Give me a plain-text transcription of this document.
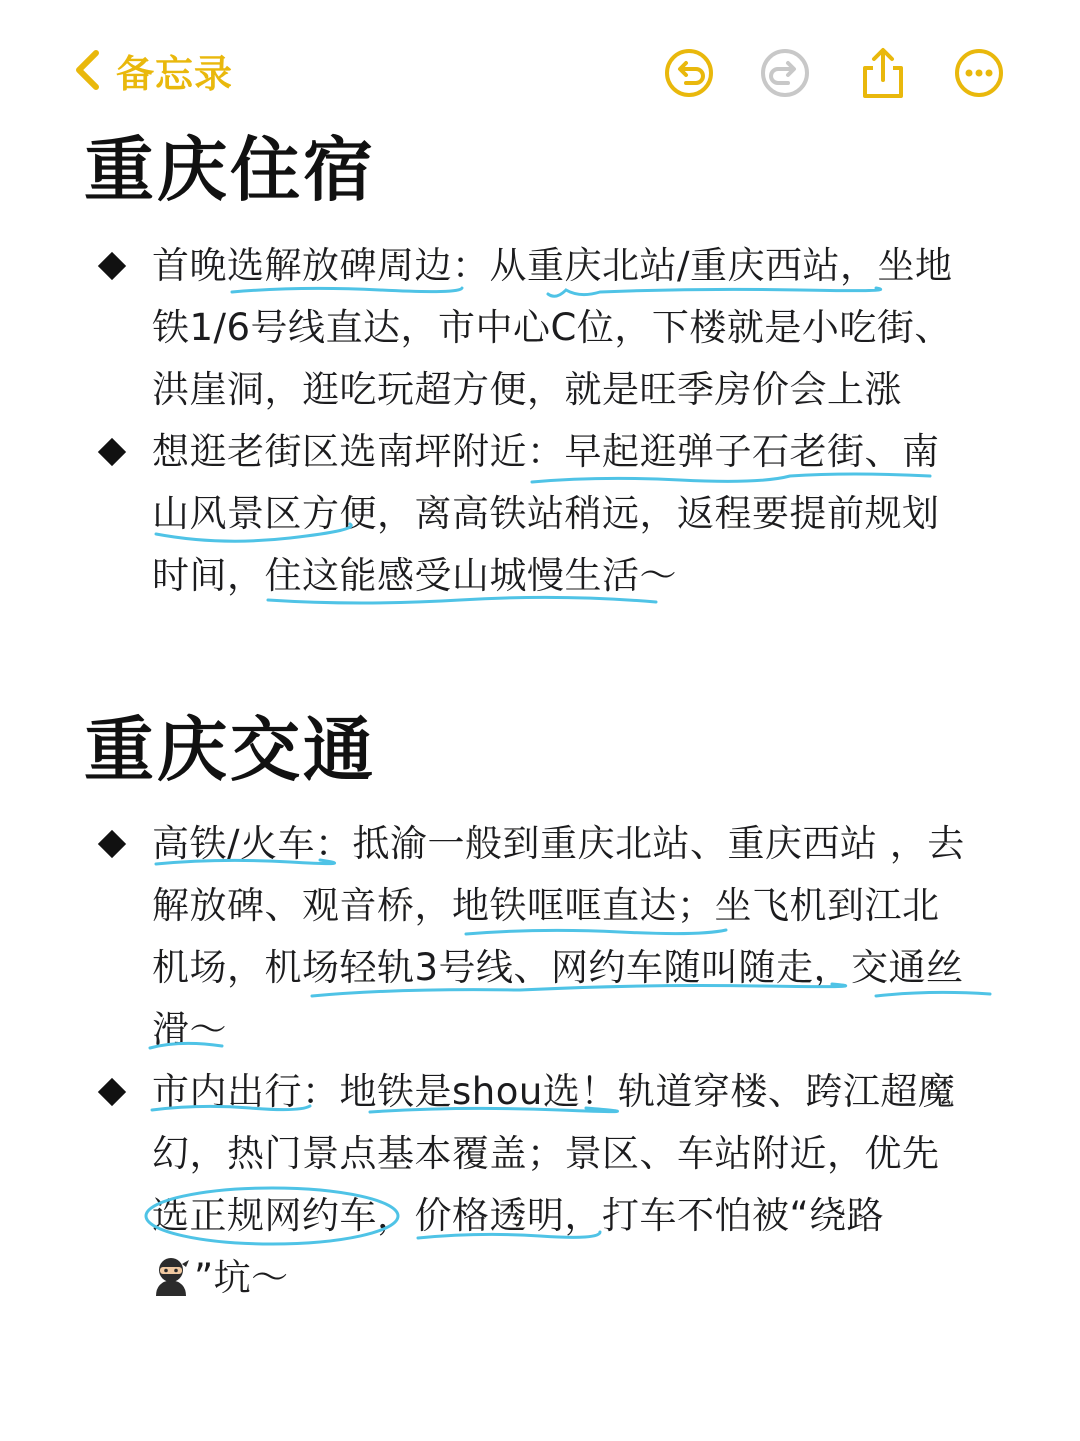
备忘录
重庆住宿
首晚选解放碑周边：从重庆北站/重庆西站，坐地
铁1/6号线直达，市中心C位，下楼就是小吃街、
洪崖洞，逛吃玩超方便，就是旺季房价会上涨
想逛老街区选南坪附近：早起逛弹子石老街、南
山风景区方便，离高铁站稍远，返程要提前规划
时间，住这能感受山城慢生活～
重庆交通
高铁/火车：抵渝一般到重庆北站、重庆西站 ，去
解放碑、观音桥，地铁哐哐直达；坐飞机到江北
机场，机场轻轨3号线、网约车随叫随走，交通丝
滑～
市内出行：地铁是shou选！轨道穿楼、跨江超魔
幻，热门景点基本覆盖；景区、车站附近，优先
选正规网约车，价格透明，打车不怕被“绕路
”坑～
